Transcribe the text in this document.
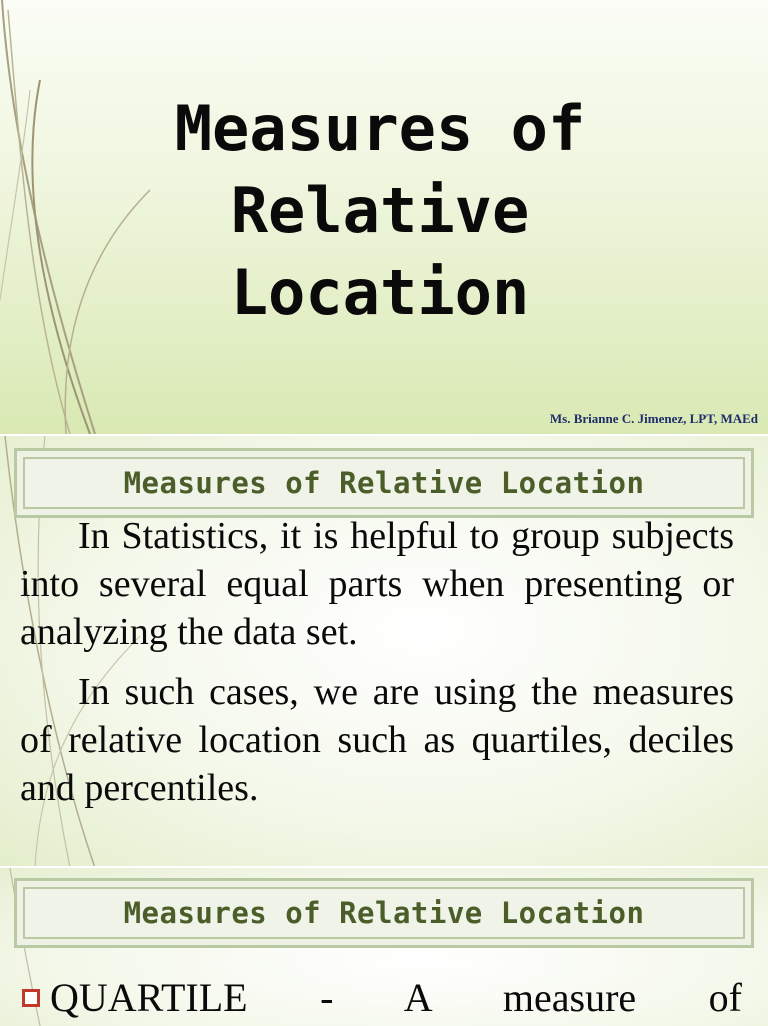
Measures of
Relative
Location
Ms. Brianne C. Jimenez, LPT, MAEd
Measures of Relative Location

In Statistics, it is helpful to group subjects into several equal parts when presenting or analyzing the data set.

In such cases, we are using the measures of relative location such as quartiles, deciles and percentiles.

Measures of Relative Location
QUARTILE - A measure of
